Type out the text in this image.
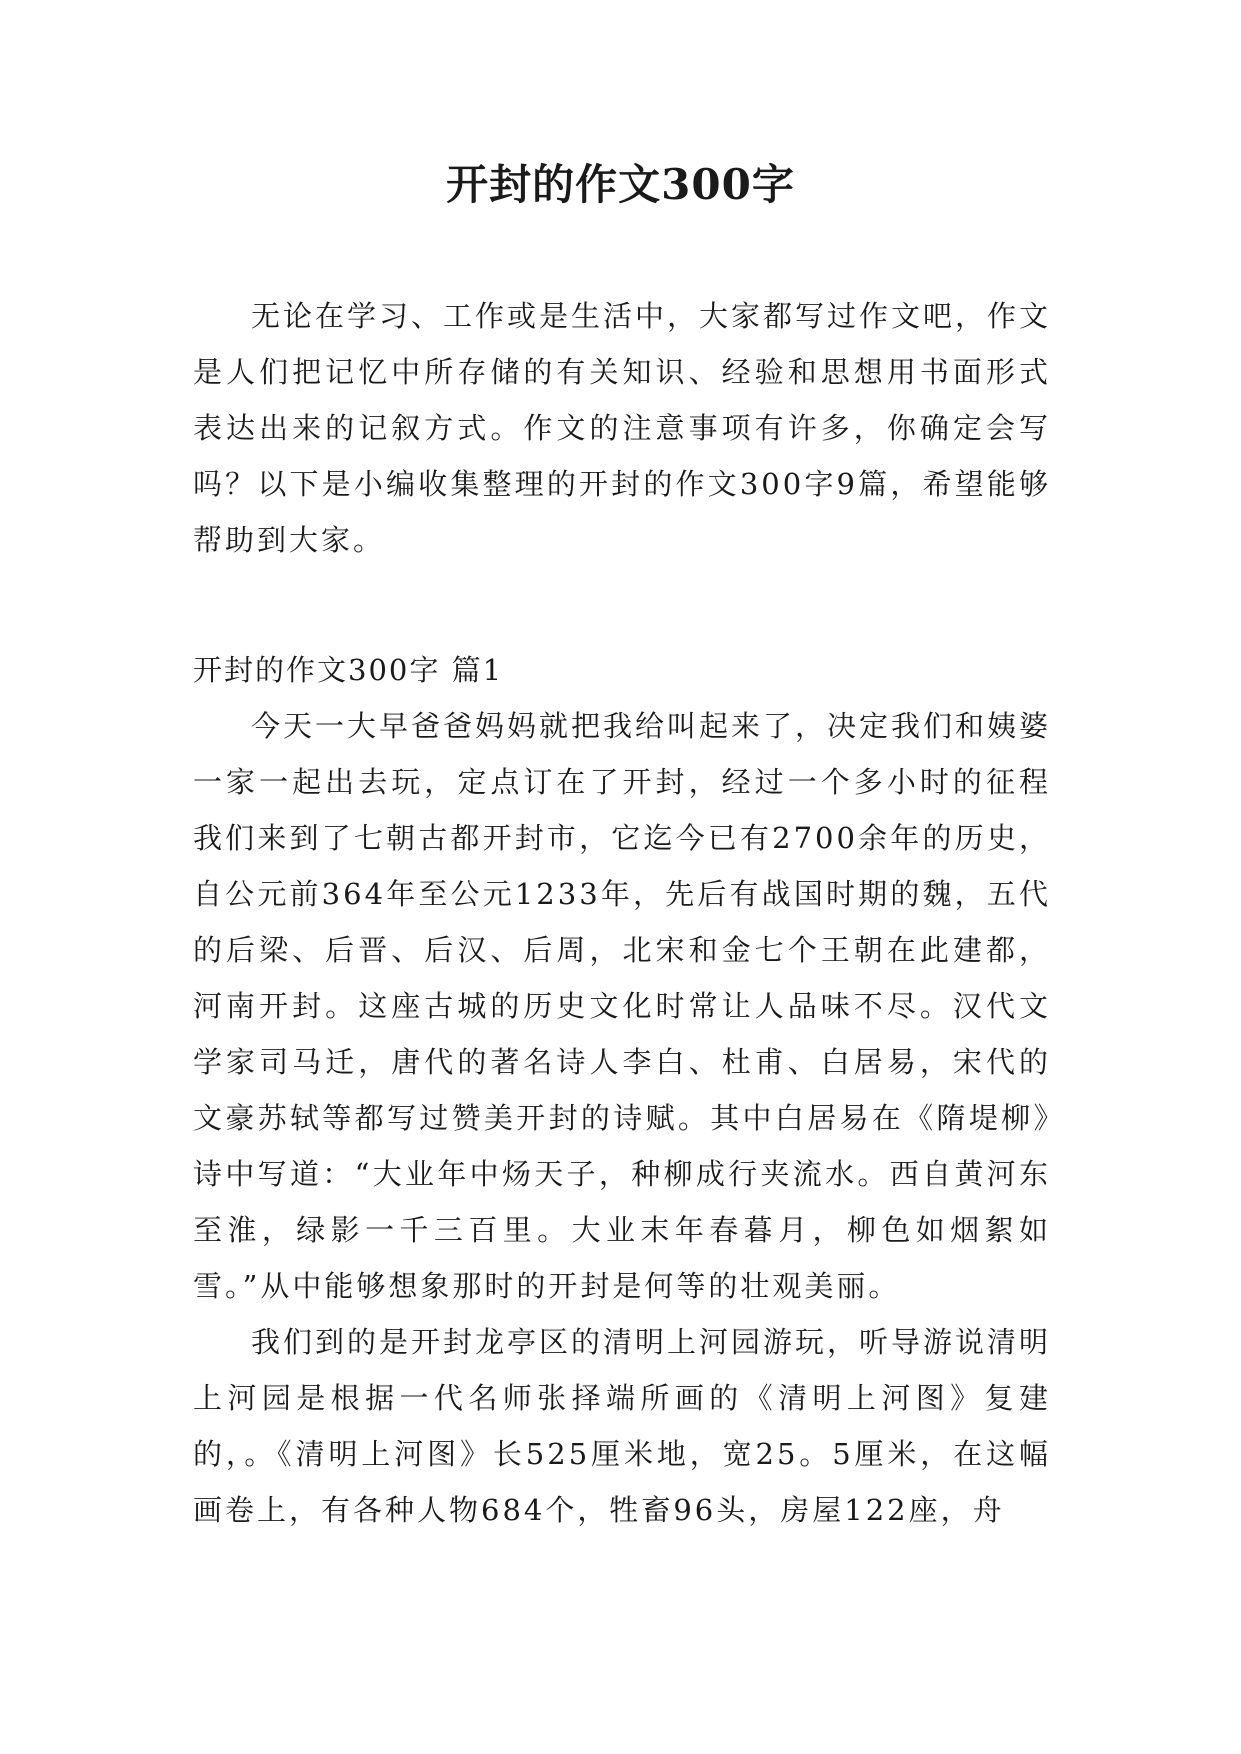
开封的作文300字

无论在学习、工作或是生活中，大家都写过作文吧，作文是人们把记忆中所存储的有关知识、经验和思想用书面形式表达出来的记叙方式。作文的注意事项有许多，你确定会写吗？以下是小编收集整理的开封的作文300字9篇，希望能够帮助到大家。

开封的作文300字 篇1

今天一大早爸爸妈妈就把我给叫起来了，决定我们和姨婆一家一起出去玩，定点订在了开封，经过一个多小时的征程我们来到了七朝古都开封市，它迄今已有2700余年的历史，自公元前364年至公元1233年，先后有战国时期的魏，五代的后梁、后晋、后汉、后周，北宋和金七个王朝在此建都，河南开封。这座古城的历史文化时常让人品味不尽。汉代文学家司马迁，唐代的著名诗人李白、杜甫、白居易，宋代的文豪苏轼等都写过赞美开封的诗赋。其中白居易在《隋堤柳》诗中写道：“大业年中炀天子，种柳成行夹流水。西自黄河东至淮，绿影一千三百里。大业末年春暮月，柳色如烟絮如雪。”从中能够想象那时的开封是何等的壮观美丽。

我们到的是开封龙亭区的清明上河园游玩，听导游说清明上河园是根据一代名师张择端所画的《清明上河图》复建的，。《清明上河图》长525厘米地，宽25。5厘米，在这幅画卷上，有各种人物684个，牲畜96头，房屋122座，舟
